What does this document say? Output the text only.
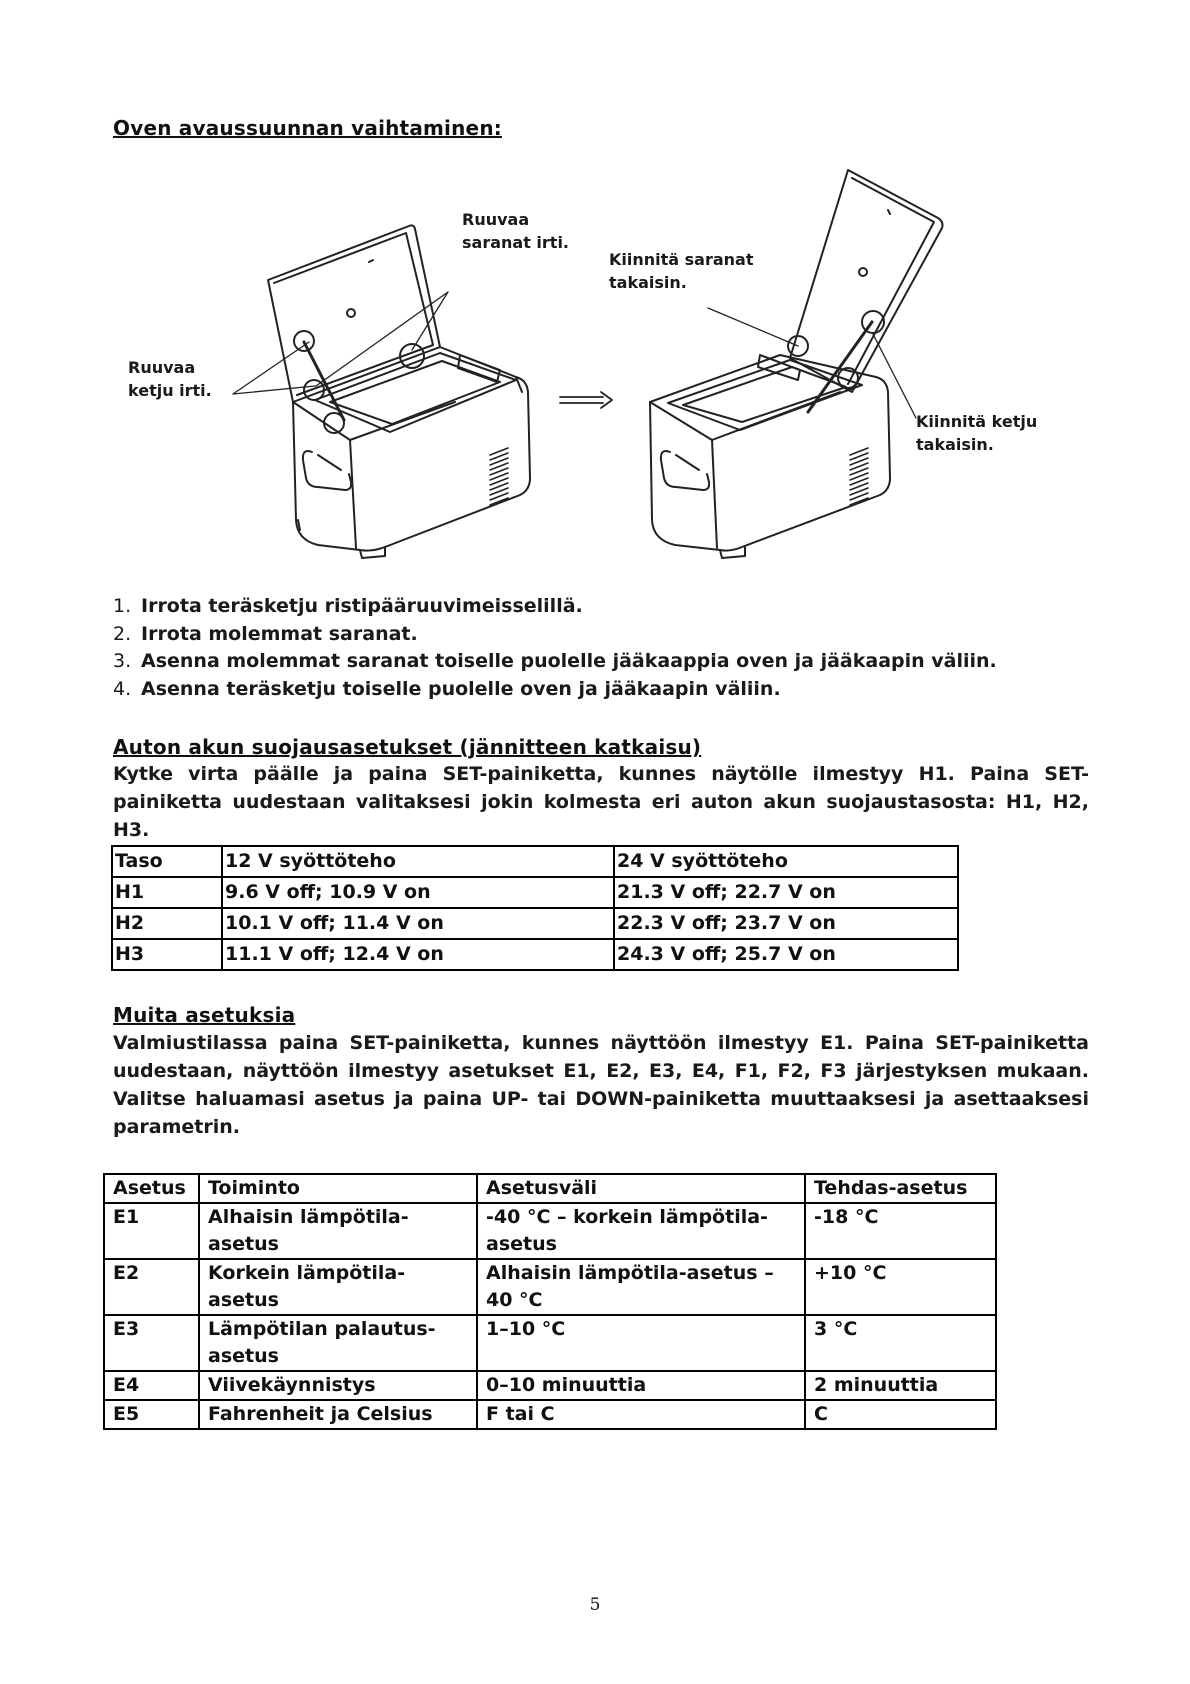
Oven avaussuunnan vaihtaminen:

Ruuvaa
saranat irti.

Ruuvaa
ketju irti.

Kiinnitä saranat
takaisin.

Kiinnitä ketju
takaisin.

1. Irrota teräsketju ristipääruuvimeisselillä.
2. Irrota molemmat saranat.
3. Asenna molemmat saranat toiselle puolelle jääkaappia oven ja jääkaapin väliin.
4. Asenna teräsketju toiselle puolelle oven ja jääkaapin väliin.
Auton akun suojausasetukset (jännitteen katkaisu)

Kytke virta päälle ja paina SET-painiketta, kunnes näytölle ilmestyy H1. Paina SET-painiketta uudestaan valitaksesi jokin kolmesta eri auton akun suojaustasosta: H1, H2, H3.

Taso	12 V syöttöteho	24 V syöttöteho
H1	9.6 V off; 10.9 V on	21.3 V off; 22.7 V on
H2	10.1 V off; 11.4 V on	22.3 V off; 23.7 V on
H3	11.1 V off; 12.4 V on	24.3 V off; 25.7 V on
Muita asetuksia

Valmiustilassa paina SET-painiketta, kunnes näyttöön ilmestyy E1. Paina SET-painiketta uudestaan, näyttöön ilmestyy asetukset E1, E2, E3, E4, F1, F2, F3 järjestyksen mukaan. Valitse haluamasi asetus ja paina UP- tai DOWN-painiketta muuttaaksesi ja asettaaksesi parametrin.

Asetus	Toiminto	Asetusväli	Tehdas-asetus
E1	Alhaisin lämpötila-asetus	-40 °C – korkein lämpötila-asetus	-18 °C
E2	Korkein lämpötila-asetus	Alhaisin lämpötila-asetus – 40 °C	+10 °C
E3	Lämpötilan palautus-asetus	1–10 °C	3 °C
E4	Viivekäynnistys	0–10 minuuttia	2 minuuttia
E5	Fahrenheit ja Celsius	F tai C	C

5
